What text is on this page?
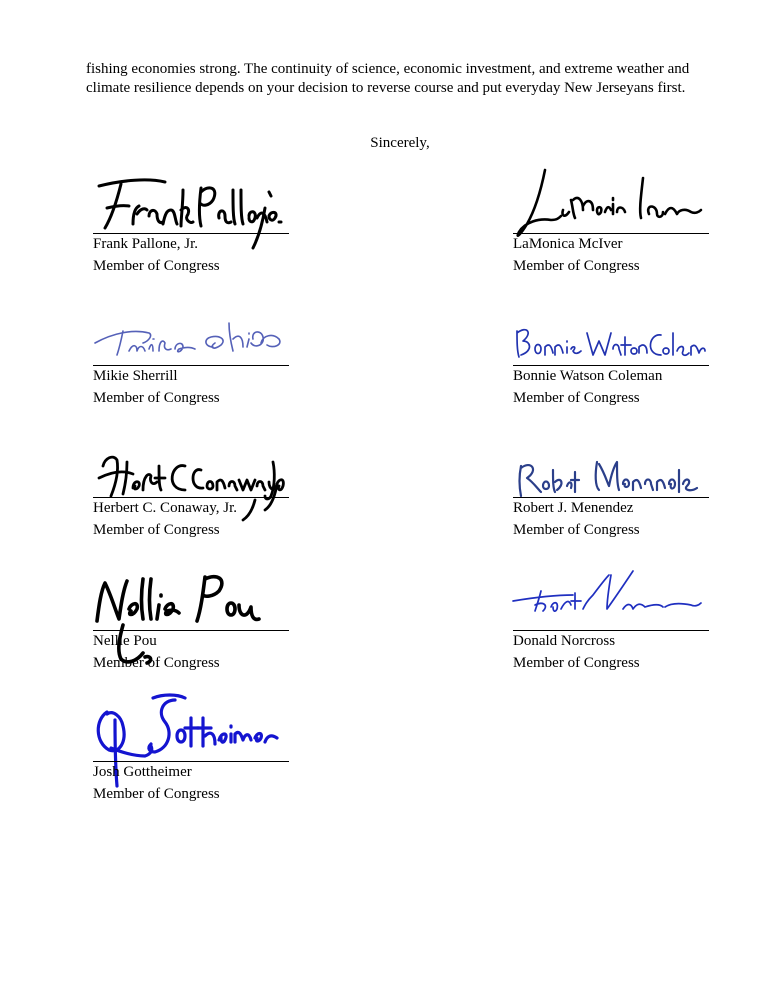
fishing economies strong. The continuity of science, economic investment, and extreme weather and climate resilience depends on your decision to reverse course and put everyday New Jerseyans first.

Sincerely,
Frank Pallone, Jr.
Member of Congress
LaMonica McIver
Member of Congress
Mikie Sherrill
Member of Congress
Bonnie Watson Coleman
Member of Congress
Herbert C. Conaway, Jr.
Member of Congress
Robert J. Menendez
Member of Congress
Nellie Pou
Member of Congress
Donald Norcross
Member of Congress
Josh Gottheimer
Member of Congress
